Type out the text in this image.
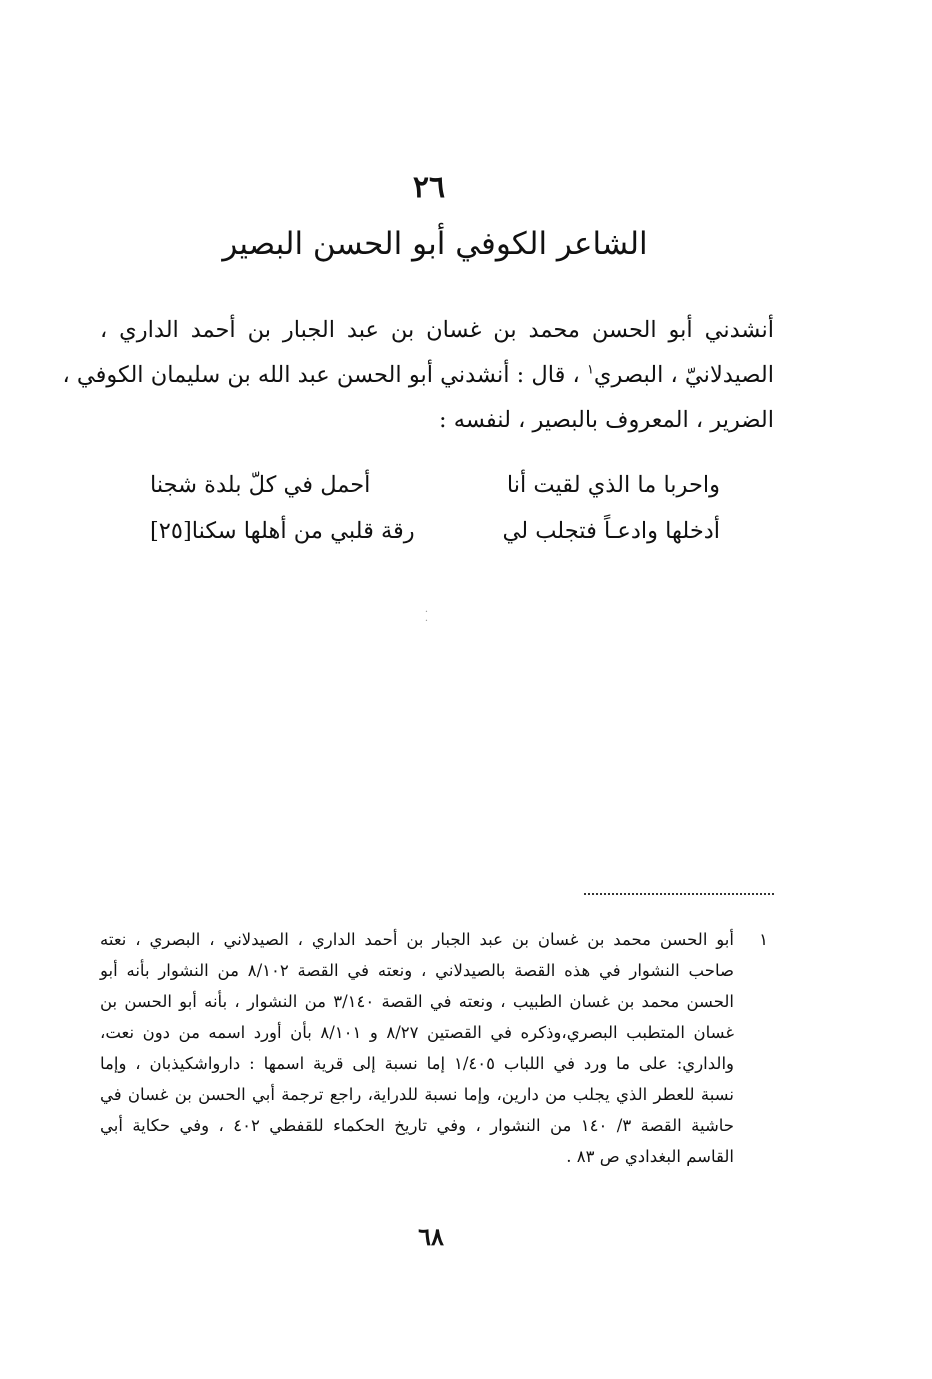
٢٦
الشاعر الكوفي أبو الحسن البصير
أنشدني أبو الحسن محمد بن غسان بن عبد الجبار بن أحمد الداري ،
الصيدلانيّ ، البصري$^١$ ، قال : أنشدني أبو الحسن عبد الله بن سليمان الكوفي ،
الضرير ، المعروف بالبصير ، لنفسه :
واحربا ما الذي لقيت أنا
أحمل في كلّ بلدة شجنا
أدخلها وادعـاً فتجلب لي
رقة قلبي من أهلها سكنا[٢٥]
·
·
١
أبو الحسن محمد بن غسان بن عبد الجبار بن أحمد الداري ، الصيدلاني ، البصري ، نعته
صاحب النشوار في هذه القصة بالصيدلاني ، ونعته في القصة ٨/١٠٢ من النشوار بأنه أبو
الحسن محمد بن غسان الطبيب ، ونعته في القصة ٣/١٤٠ من النشوار ، بأنه أبو الحسن بن
غسان المتطبب البصري،وذكره في القصتين ٨/٢٧ و ٨/١٠١ بأن أورد اسمه من دون نعت،
والداري: على ما ورد في اللباب ١/٤٠٥ إما نسبة إلى قرية اسمها : دارواشكيذبان ، وإما
نسبة للعطر الذي يجلب من دارين، وإما نسبة للدراية، راجع ترجمة أبي الحسن بن غسان في
حاشية القصة ٣/ ١٤٠ من النشوار ، وفي تاريخ الحكماء للقفطي ٤٠٢ ، وفي حكاية أبي
القاسم البغدادي ص ٨٣ .
٦٨
